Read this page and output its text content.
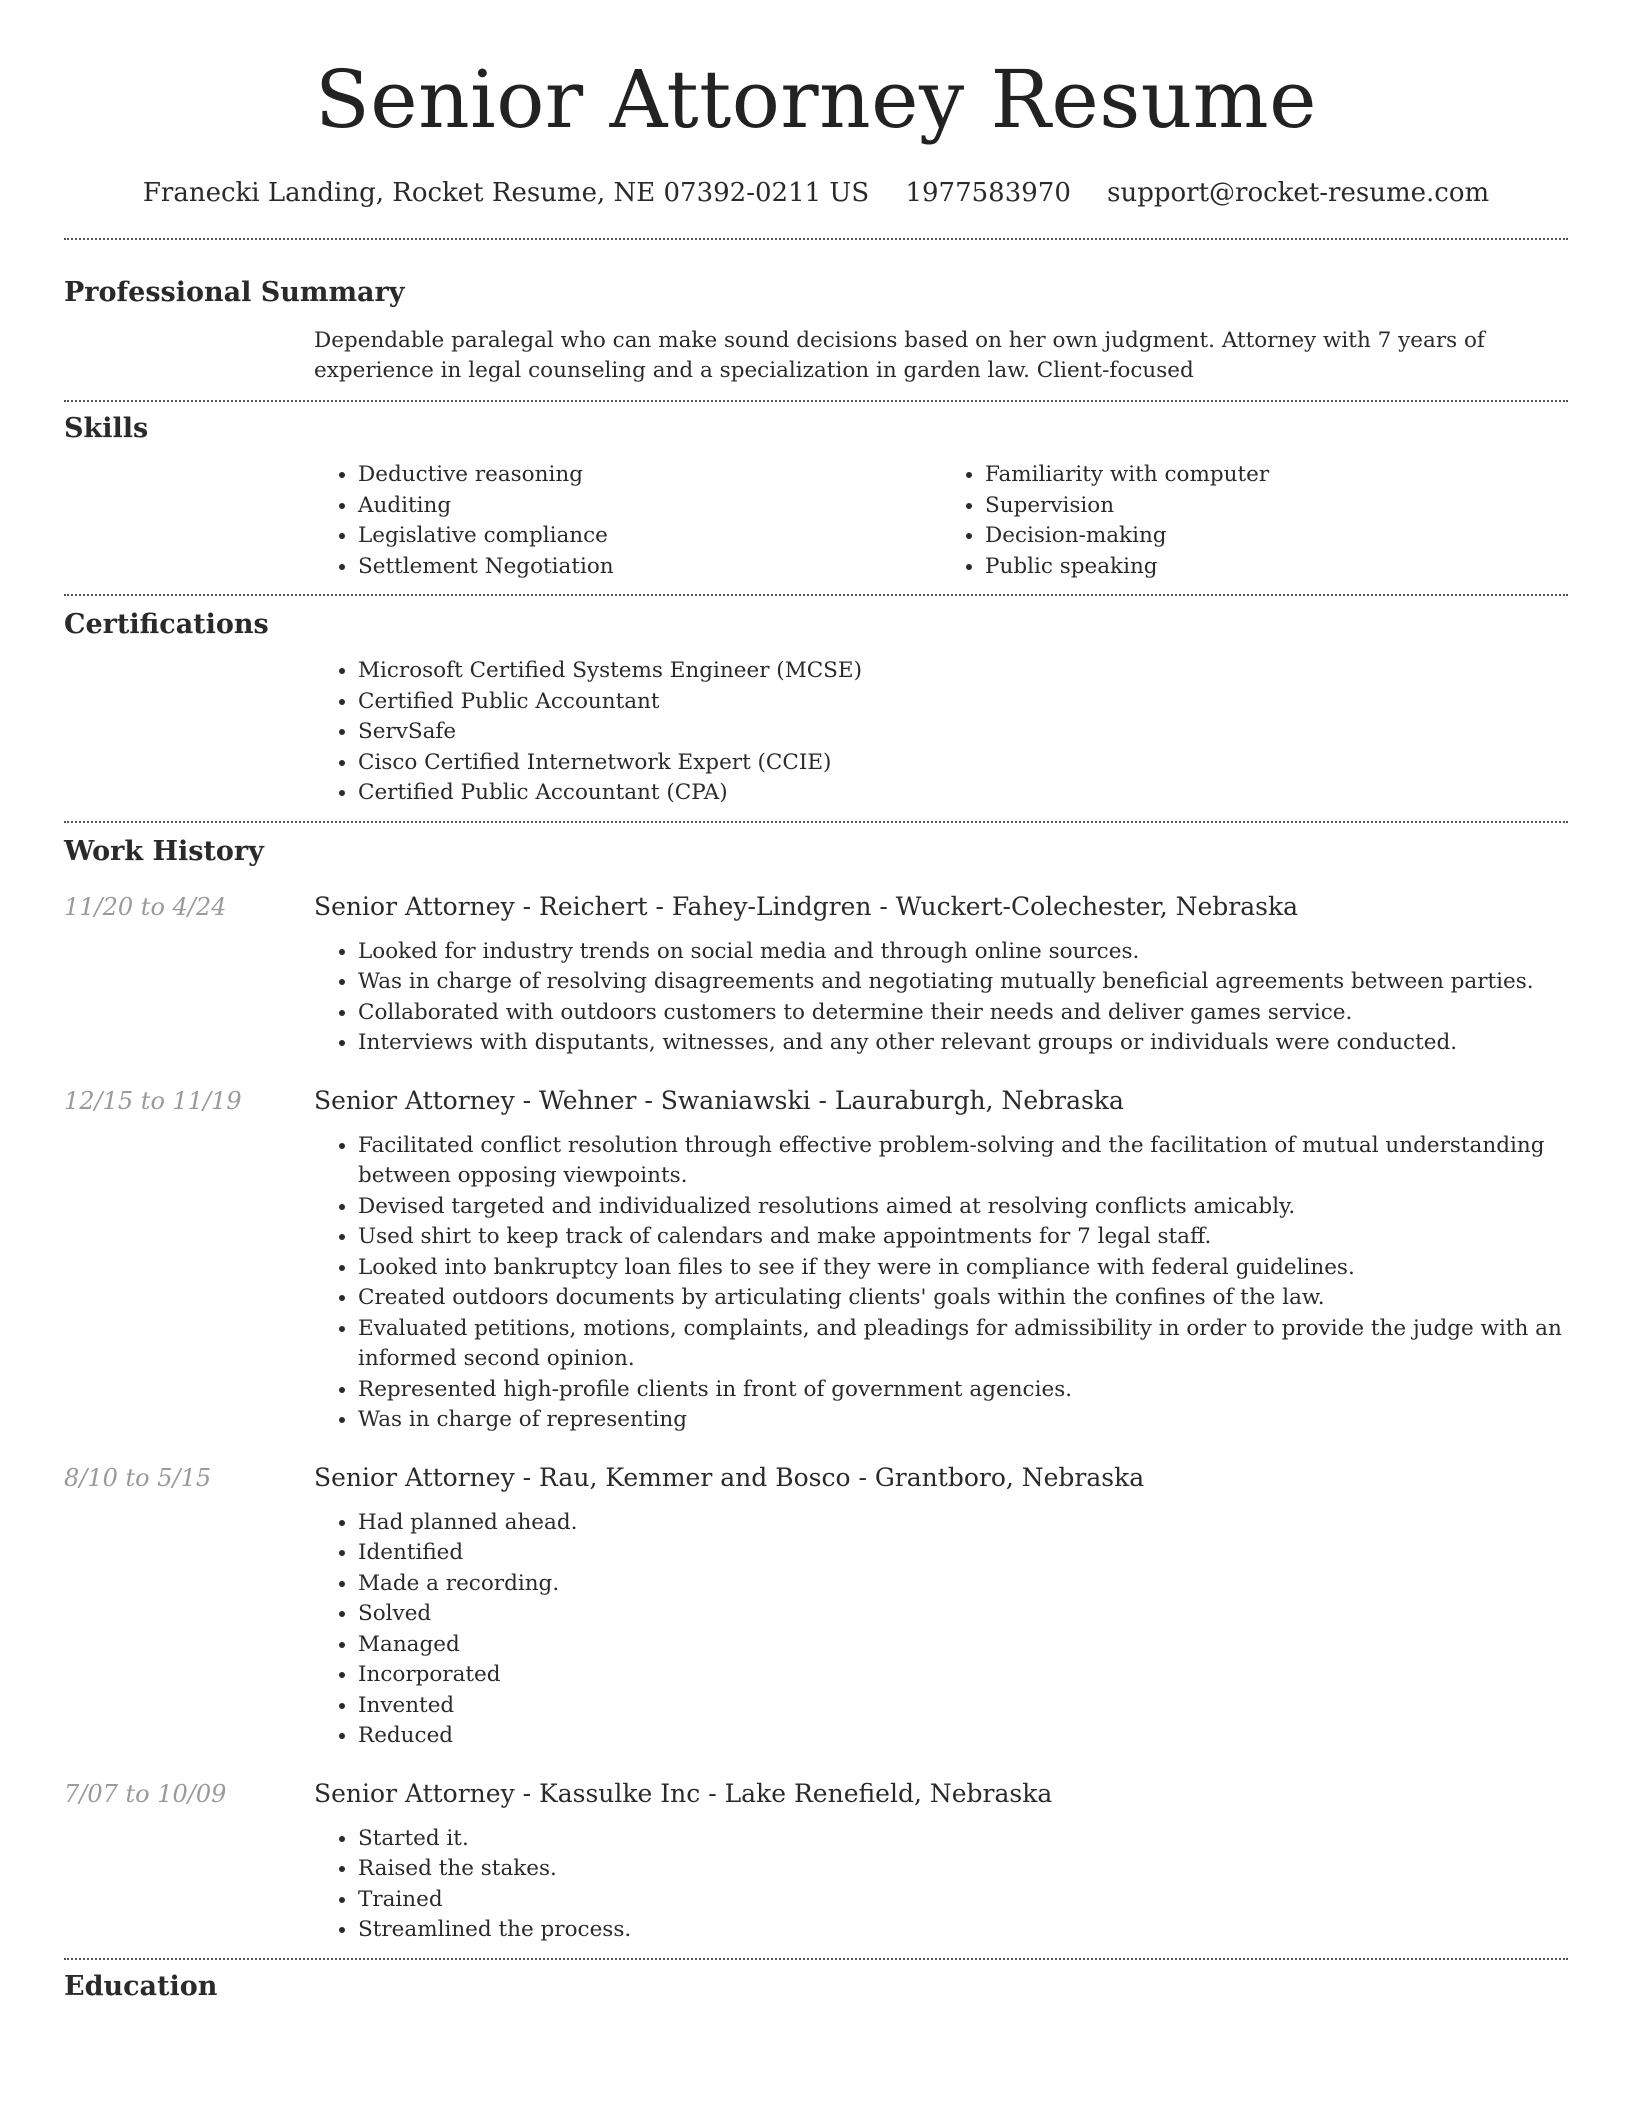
Senior Attorney Resume
Franecki Landing, Rocket Resume, NE 07392-0211 US 1977583970 support@rocket-resume.com
Professional Summary

Dependable paralegal who can make sound decisions based on her own judgment. Attorney with 7 years of experience in legal counseling and a specialization in garden law. Client-focused

Skills
• Deductive reasoning
• Auditing
• Legislative compliance
• Settlement Negotiation
• Familiarity with computer
• Supervision
• Decision-making
• Public speaking
Certifications
• Microsoft Certified Systems Engineer (MCSE)
• Certified Public Accountant
• ServSafe
• Cisco Certified Internetwork Expert (CCIE)
• Certified Public Accountant (CPA)
Work History
11/20 to 4/24	Senior Attorney - Reichert - Fahey-Lindgren - Wuckert-Colechester, Nebraska
• Looked for industry trends on social media and through online sources.
• Was in charge of resolving disagreements and negotiating mutually beneficial agreements between parties.
• Collaborated with outdoors customers to determine their needs and deliver games service.
• Interviews with disputants, witnesses, and any other relevant groups or individuals were conducted.
12/15 to 11/19	Senior Attorney - Wehner - Swaniawski - Lauraburgh, Nebraska
• Facilitated conflict resolution through effective problem-solving and the facilitation of mutual understanding between opposing viewpoints.
• Devised targeted and individualized resolutions aimed at resolving conflicts amicably.
• Used shirt to keep track of calendars and make appointments for 7 legal staff.
• Looked into bankruptcy loan files to see if they were in compliance with federal guidelines.
• Created outdoors documents by articulating clients' goals within the confines of the law.
• Evaluated petitions, motions, complaints, and pleadings for admissibility in order to provide the judge with an informed second opinion.
• Represented high-profile clients in front of government agencies.
• Was in charge of representing
8/10 to 5/15	Senior Attorney - Rau, Kemmer and Bosco - Grantboro, Nebraska
• Had planned ahead.
• Identified
• Made a recording.
• Solved
• Managed
• Incorporated
• Invented
• Reduced
7/07 to 10/09	Senior Attorney - Kassulke Inc - Lake Renefield, Nebraska
• Started it.
• Raised the stakes.
• Trained
• Streamlined the process.
Education
